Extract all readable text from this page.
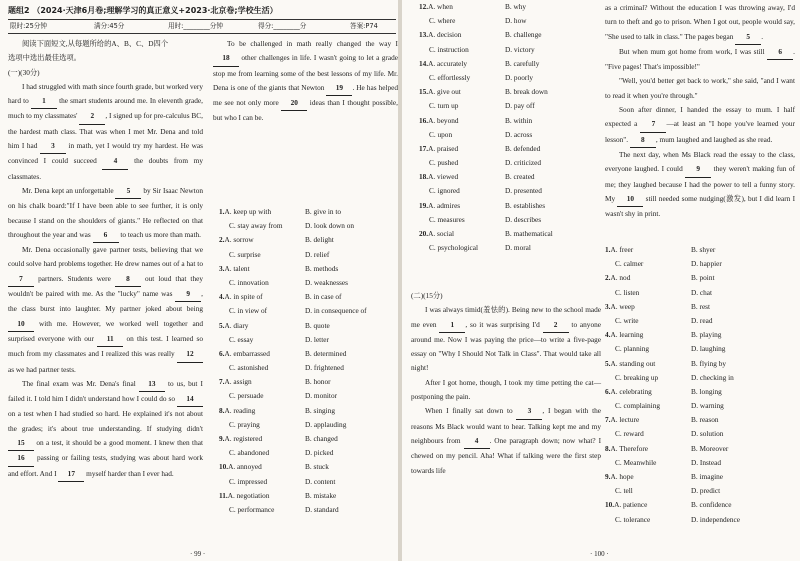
题组2 （2024·天津6月卷;理解学习的真正意义+2023·北京卷;学校生活）
限时:25分钟	满分:45分	用时:________分钟	得分:________分	答案:P74

阅读下面短文,从每题所给的A、B、C、D四个

选项中选出最佳选项。

(一)(30分)

I had struggled with math since fourth grade, but worked very hard to 1 the smart students around me. In eleventh grade, much to my classmates' 2 , I signed up for pre-calculus BC, the hardest math class. That was when I met Mr. Dena and told him I had 3 in math, yet I would try my hardest. He was convinced I could succeed 4 the doubts from my classmates.

Mr. Dena kept an unforgettable 5 by Sir Isaac Newton on his chalk board:"If I have been able to see further, it is only because I stand on the shoulders of giants." He reflected on that throughout the year and was 6 to teach us more than math.

Mr. Dena occasionally gave partner tests, believing that we could solve hard problems together. He drew names out of a hat to 7 partners. Students were 8 out loud that they wouldn't be paired with me. As the "lucky" name was 9 , the class burst into laughter. My partner joked about being 10 with me. However, we worked well together and surprised everyone with our 11 on this test. I learned so much from my classmates and I realized this was really 12 as we had partner tests.

The final exam was Mr. Dena's final 13 to us, but I failed it. I told him I didn't understand how I could do so 14 on a test when I had studied so hard. He explained it's not about the grades; it's about true understanding. If studying didn't 15 on a test, it should be a good moment. I knew then that 16 passing or failing tests, studying was about hard work and effort. And I 17 myself harder than I ever had.

To be challenged in math really changed the way I 18 other challenges in life. I wasn't going to let a grade stop me from learning some of the best lessons of my life. Mr. Dena is one of the giants that Newton 19 . He has helped me see not only more 20 ideas than I thought possible, but who I can be.

1.A. keep up with	B. give in to
C. stay away from	D. look down on
2.A. sorrow	B. delight
C. surprise	D. relief
3.A. talent	B. methods
C. innovation	D. weaknesses
4.A. in spite of	B. in case of
C. in view of	D. in consequence of
5.A. diary	B. quote
C. essay	D. letter
6.A. embarrassed	B. determined
C. astonished	D. frightened
7.A. assign	B. honor
C. persuade	D. monitor
8.A. reading	B. singing
C. praying	D. applauding
9.A. registered	B. changed
C. abandoned	D. picked
10.A. annoyed	B. stuck
C. impressed	D. content
11.A. negotiation	B. mistake
C. performance	D. standard
· 99 ·
12.A. when	B. why
C. where	D. how
13.A. decision	B. challenge
C. instruction	D. victory
14.A. accurately	B. carefully
C. effortlessly	D. poorly
15.A. give out	B. break down
C. turn up	D. pay off
16.A. beyond	B. within
C. upon	D. across
17.A. praised	B. defended
C. pushed	D. criticized
18.A. viewed	B. created
C. ignored	D. presented
19.A. admires	B. establishes
C. measures	D. describes
20.A. social	B. mathematical
C. psychological	D. moral

(二)(15分)

I was always timid(羞怯的). Being new to the school made me even 1 , so it was surprising I'd 2 to anyone around me. Now I was paying the price—to write a five-page essay on "Why I Should Not Talk in Class". That would take all night!

After I got home, though, I took my time petting the cat—postponing the pain.

When I finally sat down to 3 , I began with the reasons Ms Black would want to hear. Talking kept me and my neighbours from 4 . One paragraph down; now what? I chewed on my pencil. Aha! What if talking were the first step towards life

as a criminal? Without the education I was throwing away, I'd turn to theft and go to prison. When I got out, people would say, "She used to talk in class." The pages began 5 .

But when mum got home from work, I was still 6 . "Five pages! That's impossible!"

"Well, you'd better get back to work," she said, "and I want to read it when you're through."

Soon after dinner, I handed the essay to mum. I half expected a 7 —at least an "I hope you've learned your lesson". 8 , mum laughed and laughed as she read.

The next day, when Ms Black read the essay to the class, everyone laughed. I could 9 they weren't making fun of me; they laughed because I had the power to tell a funny story. My 10 still needed some nudging(激发), but I did learn I wasn't shy in print.

1.A. freer	B. shyer
C. calmer	D. happier
2.A. nod	B. point
C. listen	D. chat
3.A. weep	B. rest
C. write	D. read
4.A. learning	B. playing
C. planning	D. laughing
5.A. standing out	B. flying by
C. breaking up	D. checking in
6.A. celebrating	B. longing
C. complaining	D. warning
7.A. lecture	B. reason
C. reward	D. solution
8.A. Therefore	B. Moreover
C. Meanwhile	D. Instead
9.A. hope	B. imagine
C. tell	D. predict
10.A. patience	B. confidence
C. tolerance	D. independence
· 100 ·
